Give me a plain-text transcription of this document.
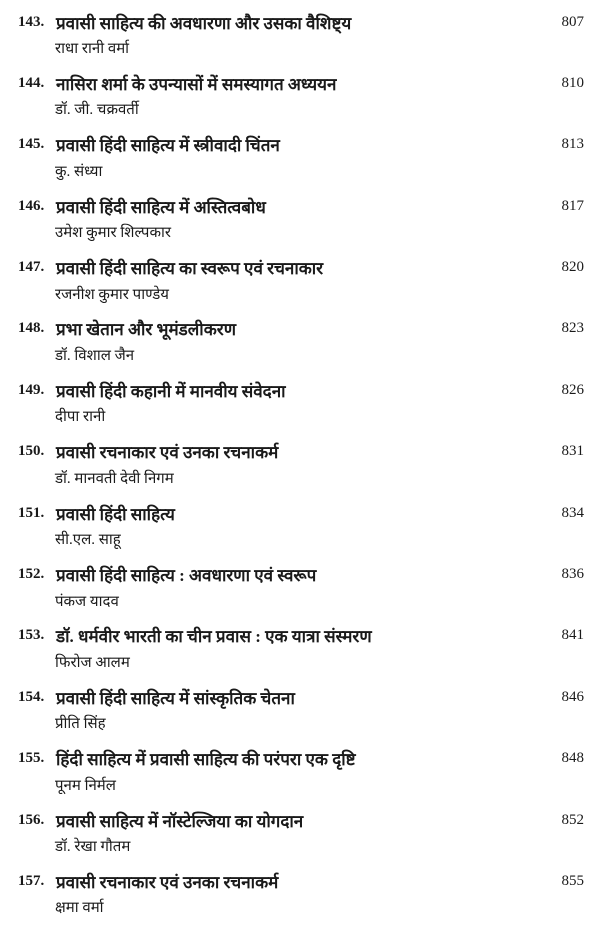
143. प्रवासी साहित्य की अवधारणा और उसका वैशिष्ट्य	807
राधा रानी वर्मा
144. नासिरा शर्मा के उपन्यासों में समस्यागत अध्ययन	810
डॉ. जी. चक्रवर्ती
145. प्रवासी हिंदी साहित्य में स्त्रीवादी चिंतन	813
कु. संध्या
146. प्रवासी हिंदी साहित्य में अस्तित्वबोध	817
उमेश कुमार शिल्पकार
147. प्रवासी हिंदी साहित्य का स्वरूप एवं रचनाकार	820
रजनीश कुमार पाण्डेय
148. प्रभा खेतान और भूमंडलीकरण	823
डॉ. विशाल जैन
149. प्रवासी हिंदी कहानी में मानवीय संवेदना	826
दीपा रानी
150. प्रवासी रचनाकार एवं उनका रचनाकर्म	831
डॉ. मानवती देवी निगम
151. प्रवासी हिंदी साहित्य	834
सी.एल. साहू
152. प्रवासी हिंदी साहित्य : अवधारणा एवं स्वरूप	836
पंकज यादव
153. डॉ. धर्मवीर भारती का चीन प्रवास : एक यात्रा संस्मरण	841
फिरोज आलम
154. प्रवासी हिंदी साहित्य में सांस्कृतिक चेतना	846
प्रीति सिंह
155. हिंदी साहित्य में प्रवासी साहित्य की परंपरा एक दृष्टि	848
पूनम निर्मल
156. प्रवासी साहित्य में नॉस्टेल्जिया का योगदान	852
डॉ. रेखा गौतम
157. प्रवासी रचनाकार एवं उनका रचनाकर्म	855
क्षमा वर्मा
